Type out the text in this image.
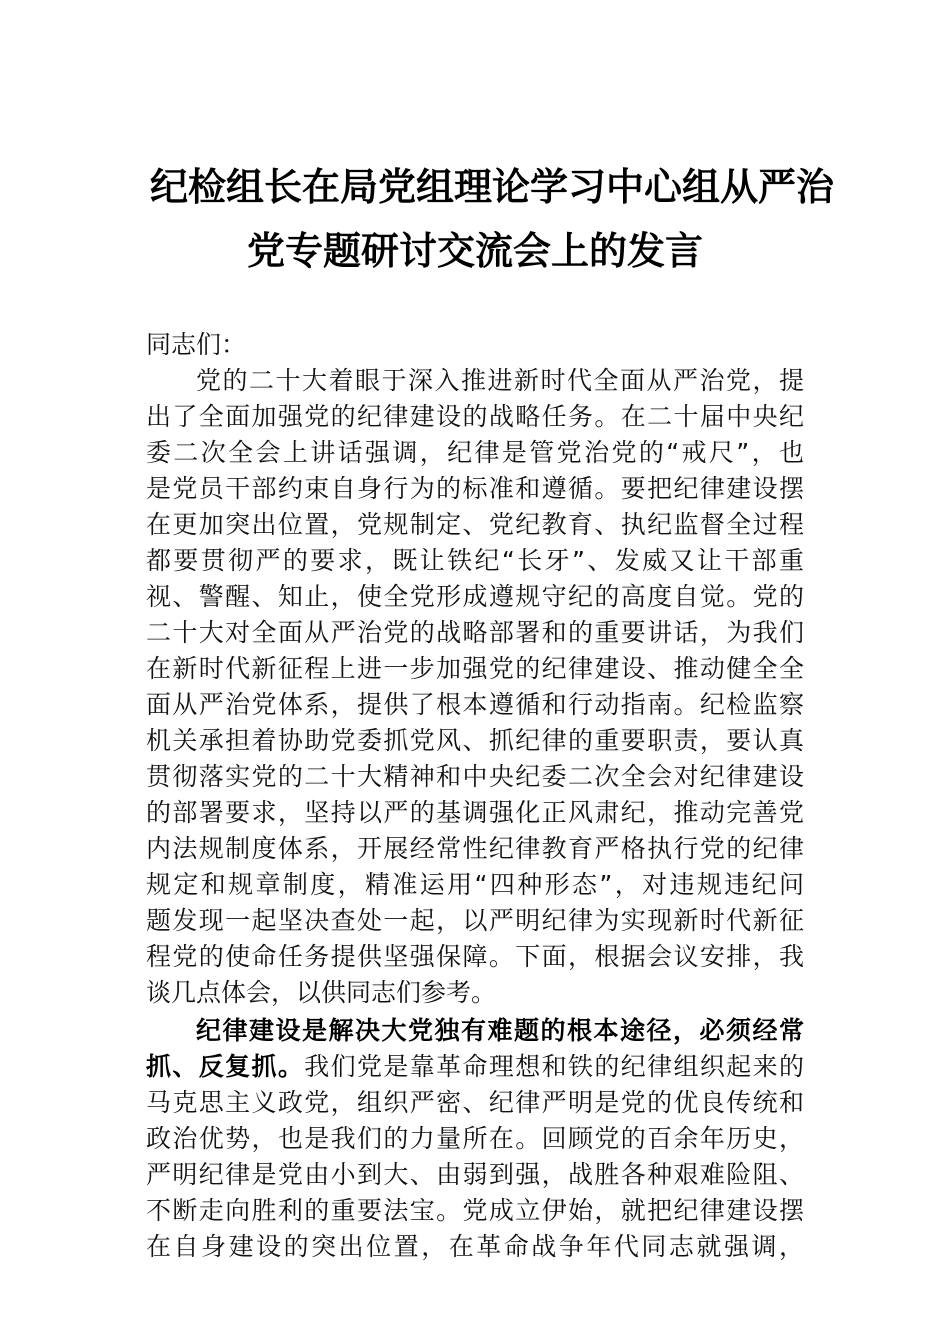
纪检组长在局党组理论学习中心组从严治
党专题研讨交流会上的发言
同志们：
党的二十大着眼于深入推进新时代全面从严治党，提
出了全面加强党的纪律建设的战略任务。在二十届中央纪
委二次全会上讲话强调，纪律是管党治党的“戒尺”，也
是党员干部约束自身行为的标准和遵循。要把纪律建设摆
在更加突出位置，党规制定、党纪教育、执纪监督全过程
都要贯彻严的要求，既让铁纪“长牙”、发威又让干部重
视、警醒、知止，使全党形成遵规守纪的高度自觉。党的
二十大对全面从严治党的战略部署和的重要讲话，为我们
在新时代新征程上进一步加强党的纪律建设、推动健全全
面从严治党体系，提供了根本遵循和行动指南。纪检监察
机关承担着协助党委抓党风、抓纪律的重要职责，要认真
贯彻落实党的二十大精神和中央纪委二次全会对纪律建设
的部署要求，坚持以严的基调强化正风肃纪，推动完善党
内法规制度体系，开展经常性纪律教育严格执行党的纪律
规定和规章制度，精准运用“四种形态”，对违规违纪问
题发现一起坚决查处一起，以严明纪律为实现新时代新征
程党的使命任务提供坚强保障。下面，根据会议安排，我
谈几点体会，以供同志们参考。
纪律建设是解决大党独有难题的根本途径，必须经常
抓、反复抓。我们党是靠革命理想和铁的纪律组织起来的
马克思主义政党，组织严密、纪律严明是党的优良传统和
政治优势，也是我们的力量所在。回顾党的百余年历史，
严明纪律是党由小到大、由弱到强，战胜各种艰难险阻、
不断走向胜利的重要法宝。党成立伊始，就把纪律建设摆
在自身建设的突出位置，在革命战争年代同志就强调，
